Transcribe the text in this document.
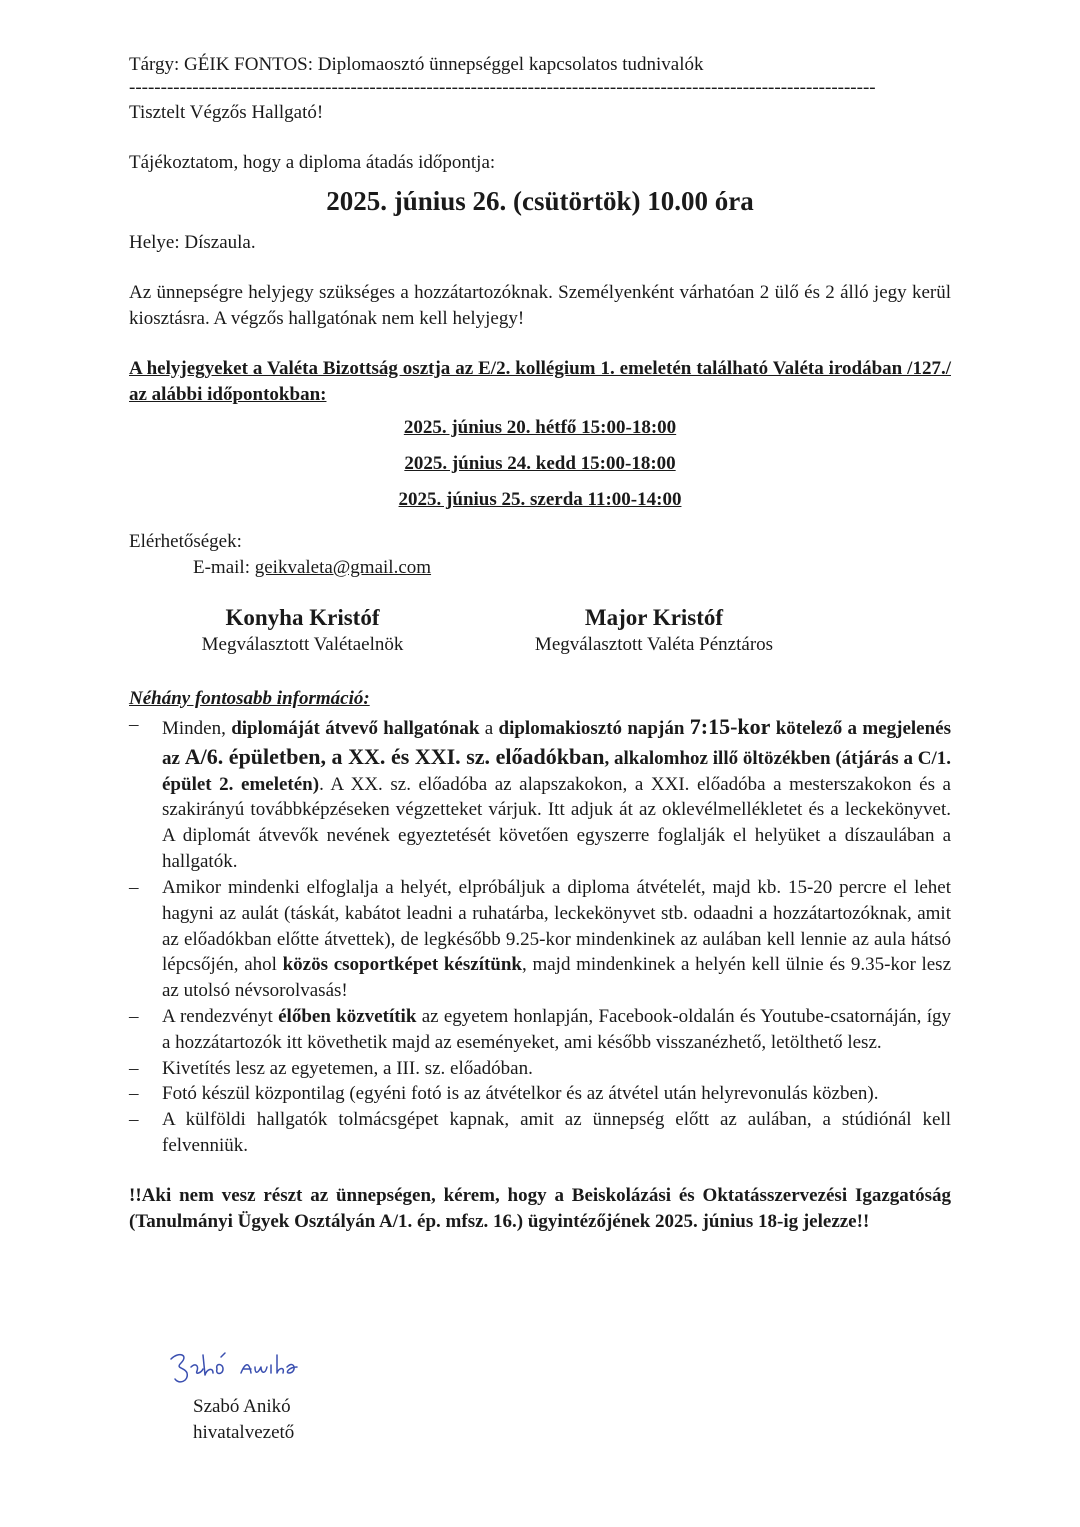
Tárgy: GÉIK FONTOS: Diplomaosztó ünnepséggel kapcsolatos tudnivalók

----------------------------------------------------------------------------------------------------------------------

Tisztelt Végzős Hallgató!

Tájékoztatom, hogy a diploma átadás időpontja:

2025. június 26. (csütörtök) 10.00 óra

Helye: Díszaula.

Az ünnepségre helyjegy szükséges a hozzátartozóknak. Személyenként várhatóan 2 ülő és 2 álló jegy kerül kiosztásra. A végzős hallgatónak nem kell helyjegy!

A helyjegyeket a Valéta Bizottság osztja az E/2. kollégium 1. emeletén található Valéta irodában /127./ az alábbi időpontokban:

2025. június 20. hétfő 15:00-18:00
2025. június 24. kedd 15:00-18:00
2025. június 25. szerda 11:00-14:00
Elérhetőségek:
E-mail: geikvaleta@gmail.com
Konyha Kristóf
Megválasztott Valétaelnök
Major Kristóf
Megválasztott Valéta Pénztáros
Néhány fontosabb információ:
– Minden, diplomáját átvevő hallgatónak a diplomakiosztó napján 7:15-kor kötelező a megjelenés az A/6. épületben, a XX. és XXI. sz. előadókban, alkalomhoz illő öltözékben (átjárás a C/1. épület 2. emeletén). A XX. sz. előadóba az alapszakokon, a XXI. előadóba a mesterszakokon és a szakirányú továbbképzéseken végzetteket várjuk. Itt adjuk át az oklevélmellékletet és a leckekönyvet. A diplomát átvevők nevének egyeztetését követően egyszerre foglalják el helyüket a díszaulában a hallgatók.
– Amikor mindenki elfoglalja a helyét, elpróbáljuk a diploma átvételét, majd kb. 15-20 percre el lehet hagyni az aulát (táskát, kabátot leadni a ruhatárba, leckekönyvet stb. odaadni a hozzátartozóknak, amit az előadókban előtte átvettek), de legkésőbb 9.25-kor mindenkinek az aulában kell lennie az aula hátsó lépcsőjén, ahol közös csoportképet készítünk, majd mindenkinek a helyén kell ülnie és 9.35-kor lesz az utolsó névsorolvasás!
– A rendezvényt élőben közvetítik az egyetem honlapján, Facebook-oldalán és Youtube-csatornáján, így a hozzátartozók itt követhetik majd az eseményeket, ami később visszanézhető, letölthető lesz.
– Kivetítés lesz az egyetemen, a III. sz. előadóban.
– Fotó készül központilag (egyéni fotó is az átvételkor és az átvétel után helyrevonulás közben).
– A külföldi hallgatók tolmácsgépet kapnak, amit az ünnepség előtt az aulában, a stúdiónál kell felvenniük.

!!Aki nem vesz részt az ünnepségen, kérem, hogy a Beiskolázási és Oktatásszervezési Igazgatóság (Tanulmányi Ügyek Osztályán A/1. ép. mfsz. 16.) ügyintézőjének 2025. június 18-ig jelezze!!

Szabó Anikó
hivatalvezető
